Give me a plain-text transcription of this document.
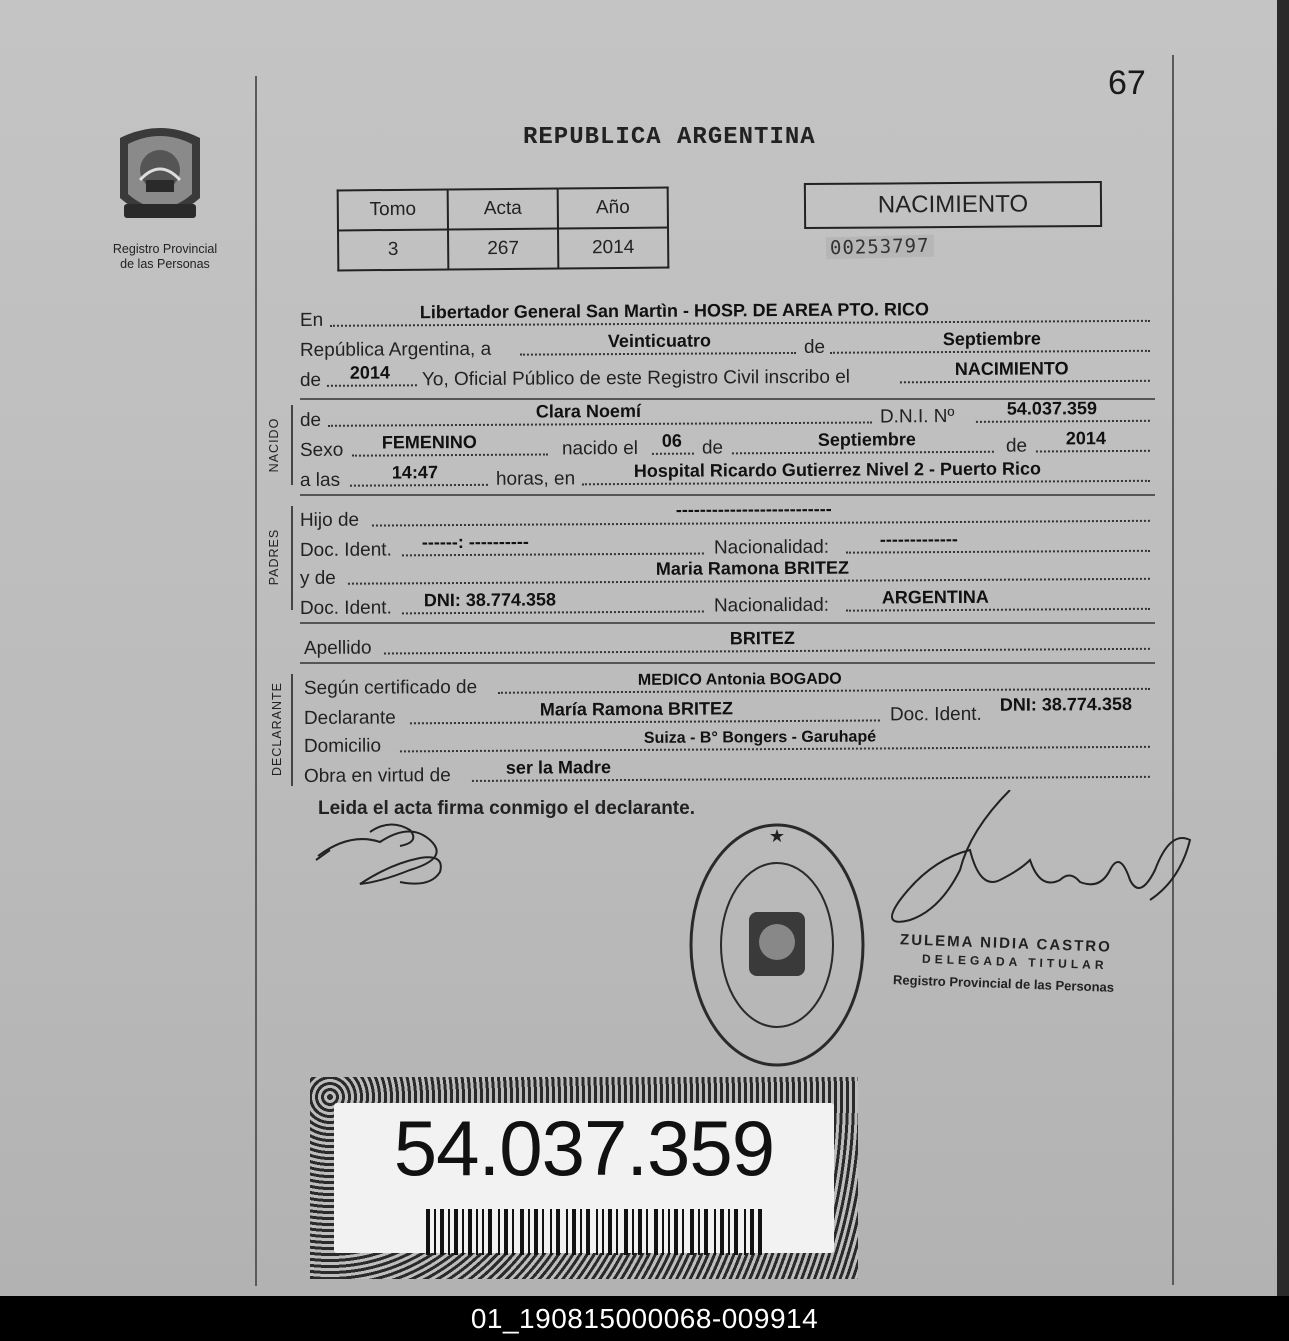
Registro Provincial
de las Personas
67
REPUBLICA ARGENTINA
Tomo	Acta	Año
3	267	2014
NACIMIENTO
00253797
En	Libertador General San Martìn - HOSP. DE AREA PTO. RICO
República Argentina, a	Veinticuatro	de	Septiembre
de 2014 Yo, Oficial Público de este Registro Civil inscribo el	NACIMIENTO
NACIDO de	Clara Noemí	D.N.I. Nº	54.037.359
Sexo FEMENINO	nacido el 06 de	Septiembre	de 2014
a las	14:47	horas, en	Hospital Ricardo Gutierrez Nivel 2 - Puerto Rico
PADRES
Hijo de
--------------------------
Doc. Ident. ------: ----------	Nacionalidad:	-------------
y de	Maria Ramona BRITEZ
Doc. Ident. DNI: 38.774.358	Nacionalidad:	ARGENTINA
Apellido	BRITEZ
DECLARANTE Según certificado de	MEDICO Antonia BOGADO
Declarante	María Ramona BRITEZ	Doc. Ident. DNI: 38.774.358
Domicilio	Suiza - B° Bongers - Garuhapé
Obra en virtud de	ser la Madre
Leida el acta firma conmigo el declarante.
★
ZULEMA NIDIA CASTRO
DELEGADA TITULAR
Registro Provincial de las Personas
54.037.359
01_190815000068-009914
